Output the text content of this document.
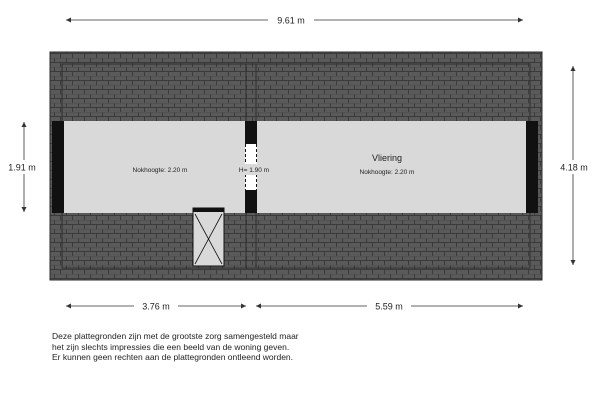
9.61 m
1.91 m	4.18 m
Nokhoogte: 2.20 m	H= 1.90 m
Vliering
Nokhoogte: 2.20 m
3.76 m	5.59 m
Deze plattegronden zijn met de grootste zorg samengesteld maar
het zijn slechts impressies die een beeld van de woning geven.
Er kunnen geen rechten aan de plattegronden ontleend worden.
